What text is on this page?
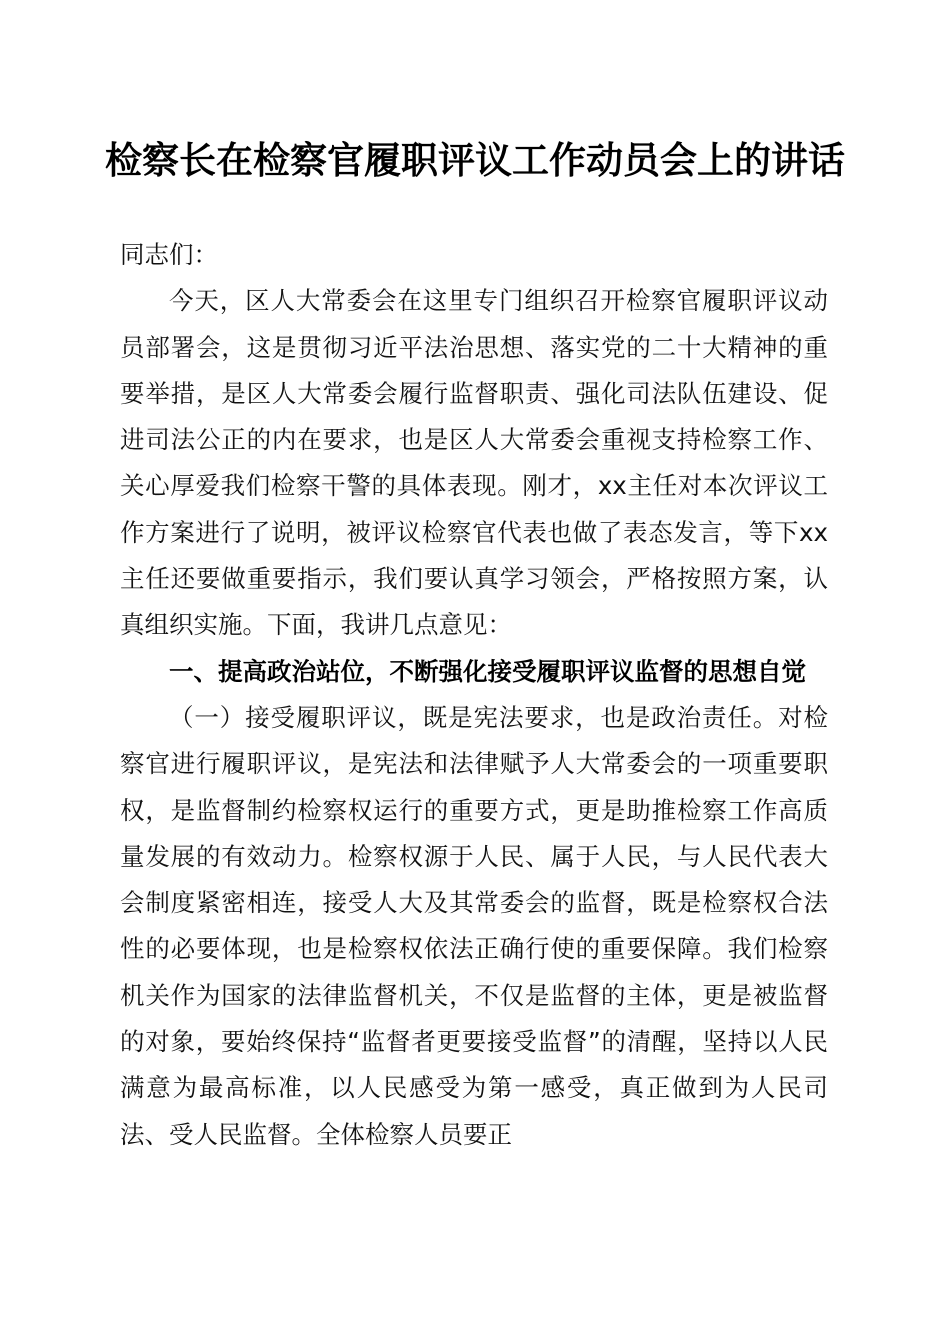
检察长在检察官履职评议工作动员会上的讲话

同志们：

今天，区人大常委会在这里专门组织召开检察官履职评议动员部署会，这是贯彻习近平法治思想、落实党的二十大精神的重要举措，是区人大常委会履行监督职责、强化司法队伍建设、促进司法公正的内在要求，也是区人大常委会重视支持检察工作、关心厚爱我们检察干警的具体表现。刚才，xx主任对本次评议工作方案进行了说明，被评议检察官代表也做了表态发言，等下xx主任还要做重要指示，我们要认真学习领会，严格按照方案，认真组织实施。下面，我讲几点意见：

一、提高政治站位，不断强化接受履职评议监督的思想自觉

（一）接受履职评议，既是宪法要求，也是政治责任。对检察官进行履职评议，是宪法和法律赋予人大常委会的一项重要职权，是监督制约检察权运行的重要方式，更是助推检察工作高质量发展的有效动力。检察权源于人民、属于人民，与人民代表大会制度紧密相连，接受人大及其常委会的监督，既是检察权合法性的必要体现，也是检察权依法正确行使的重要保障。我们检察机关作为国家的法律监督机关，不仅是监督的主体，更是被监督的对象，要始终保持“监督者更要接受监督”的清醒，坚持以人民满意为最高标准，以人民感受为第一感受，真正做到为人民司法、受人民监督。全体检察人员要正
